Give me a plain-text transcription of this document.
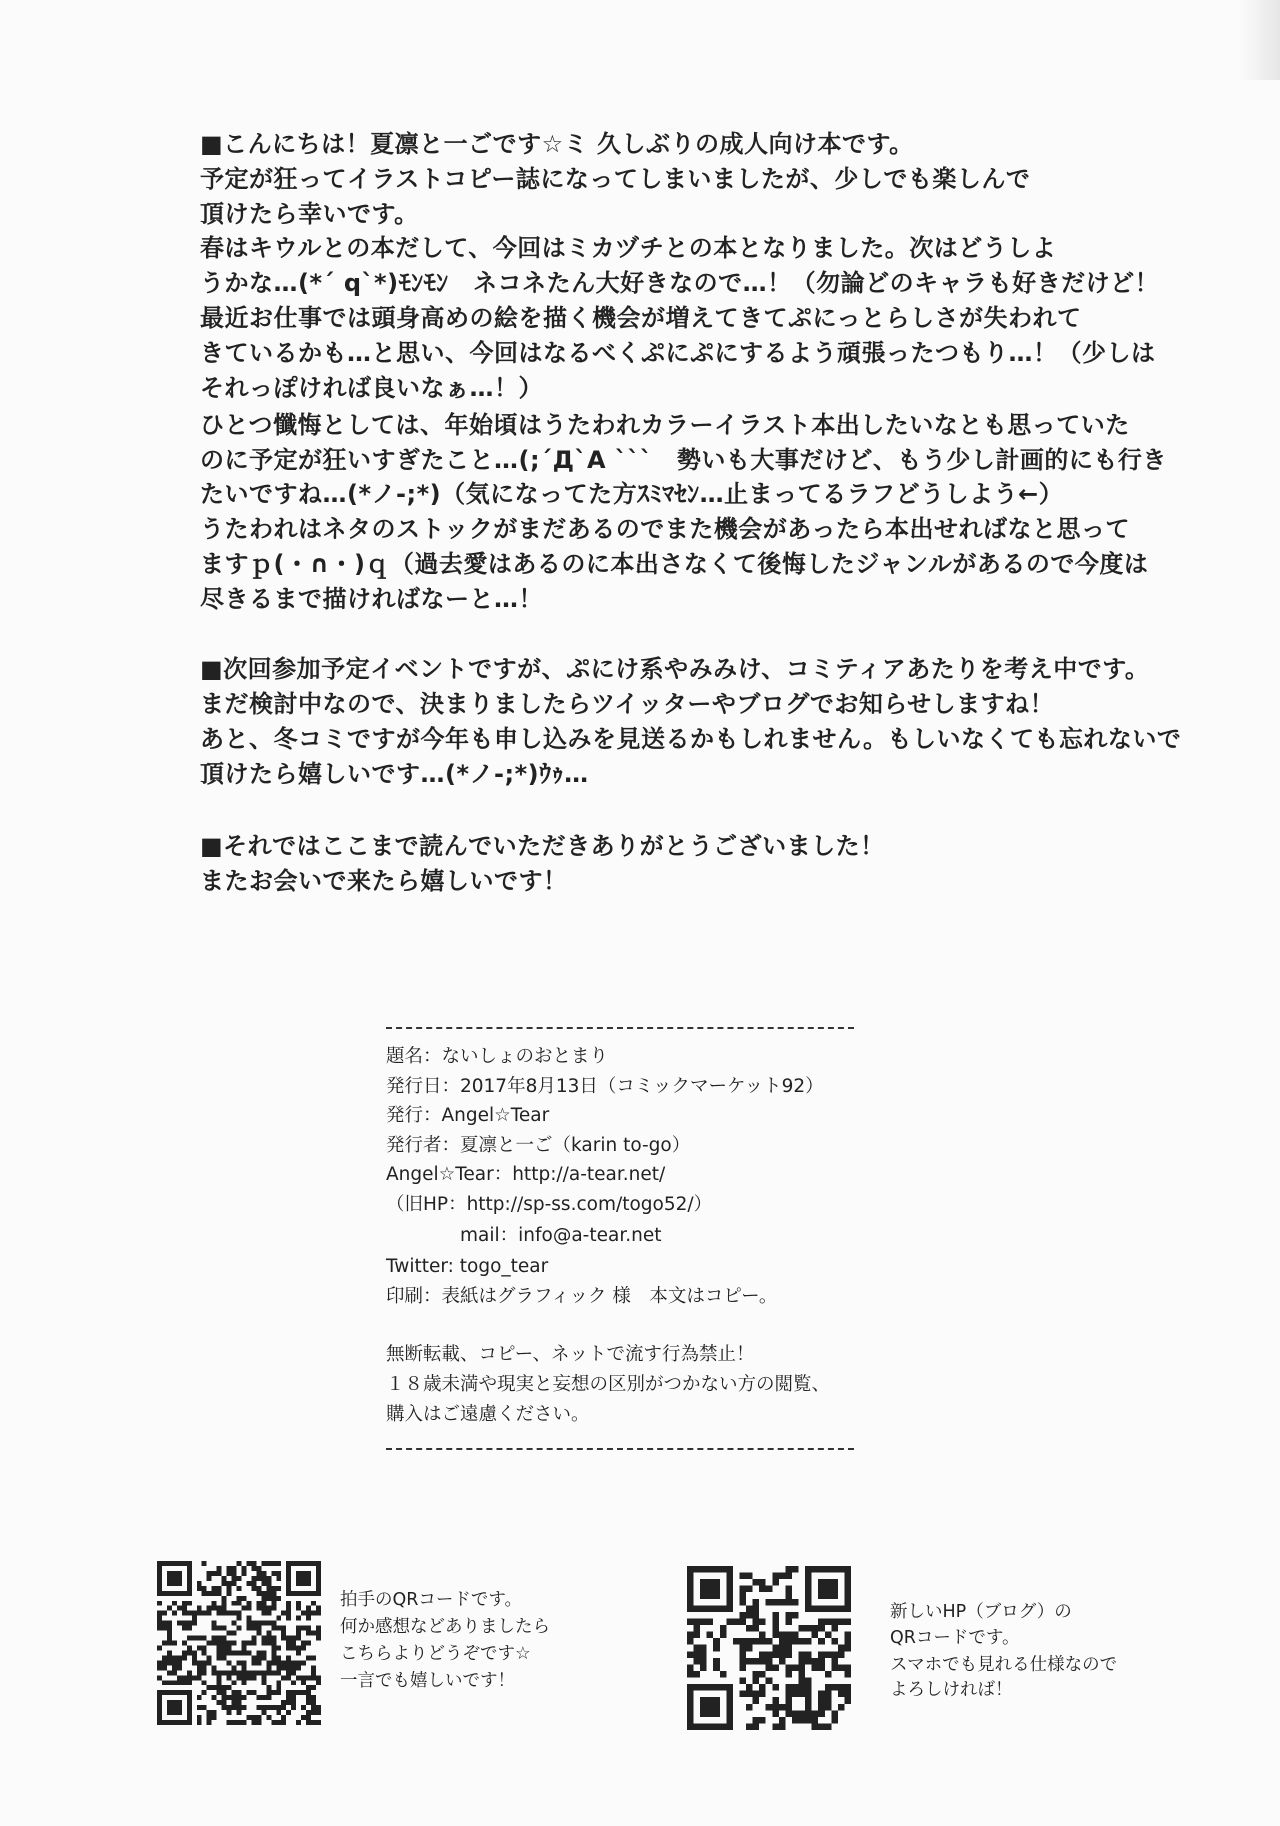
■こんにちは！夏凛と一ごです☆ミ 久しぶりの成人向け本です。
予定が狂ってイラストコピー誌になってしまいましたが、少しでも楽しんで
頂けたら幸いです。
春はキウルとの本だして、今回はミカヅチとの本となりました。次はどうしよ
うかな…(*´ q`*)ﾓﾝﾓﾝ　ネコネたん大好きなので…！（勿論どのキャラも好きだけど！
最近お仕事では頭身高めの絵を描く機会が増えてきてぷにっとらしさが失われて
きているかも…と思い、今回はなるべくぷにぷにするよう頑張ったつもり…！（少しは
それっぽければ良いなぁ…！）
ひとつ懺悔としては、年始頃はうたわれカラーイラスト本出したいなとも思っていた
のに予定が狂いすぎたこと…(;´Д`A ```　勢いも大事だけど、もう少し計画的にも行き
たいですね…(*ノ-;*)（気になってた方ｽﾐﾏｾﾝ…止まってるラフどうしよう←）
うたわれはネタのストックがまだあるのでまた機会があったら本出せればなと思って
ますｐ(・∩・)ｑ（過去愛はあるのに本出さなくて後悔したジャンルがあるので今度は
尽きるまで描ければなーと…！
■次回参加予定イベントですが、ぷにけ系やみみけ、コミティアあたりを考え中です。
まだ検討中なので、決まりましたらツイッターやブログでお知らせしますね！
あと、冬コミですが今年も申し込みを見送るかもしれません。もしいなくても忘れないで
頂けたら嬉しいです…(*ノ-;*)ｳｩ…
■それではここまで読んでいただきありがとうございました！
またお会いで来たら嬉しいです！
題名：ないしょのおとまり
発行日：2017年8月13日（コミックマーケット92）
発行：Angel☆Tear
発行者：夏凛と一ご（karin to-go）
Angel☆Tear：http://a-tear.net/
（旧HP：http://sp-ss.com/togo52/）
　　　　mail：info@a-tear.net
Twitter: togo_tear
印刷：表紙はグラフィック 様　本文はコピー。
無断転載、コピー、ネットで流す行為禁止！
１８歳未満や現実と妄想の区別がつかない方の閲覧、
購入はご遠慮ください。
拍手のQRコードです。
何か感想などありましたら
こちらよりどうぞです☆
一言でも嬉しいです！
新しいHP（ブログ）の
QRコードです。
スマホでも見れる仕様なので
よろしければ！
